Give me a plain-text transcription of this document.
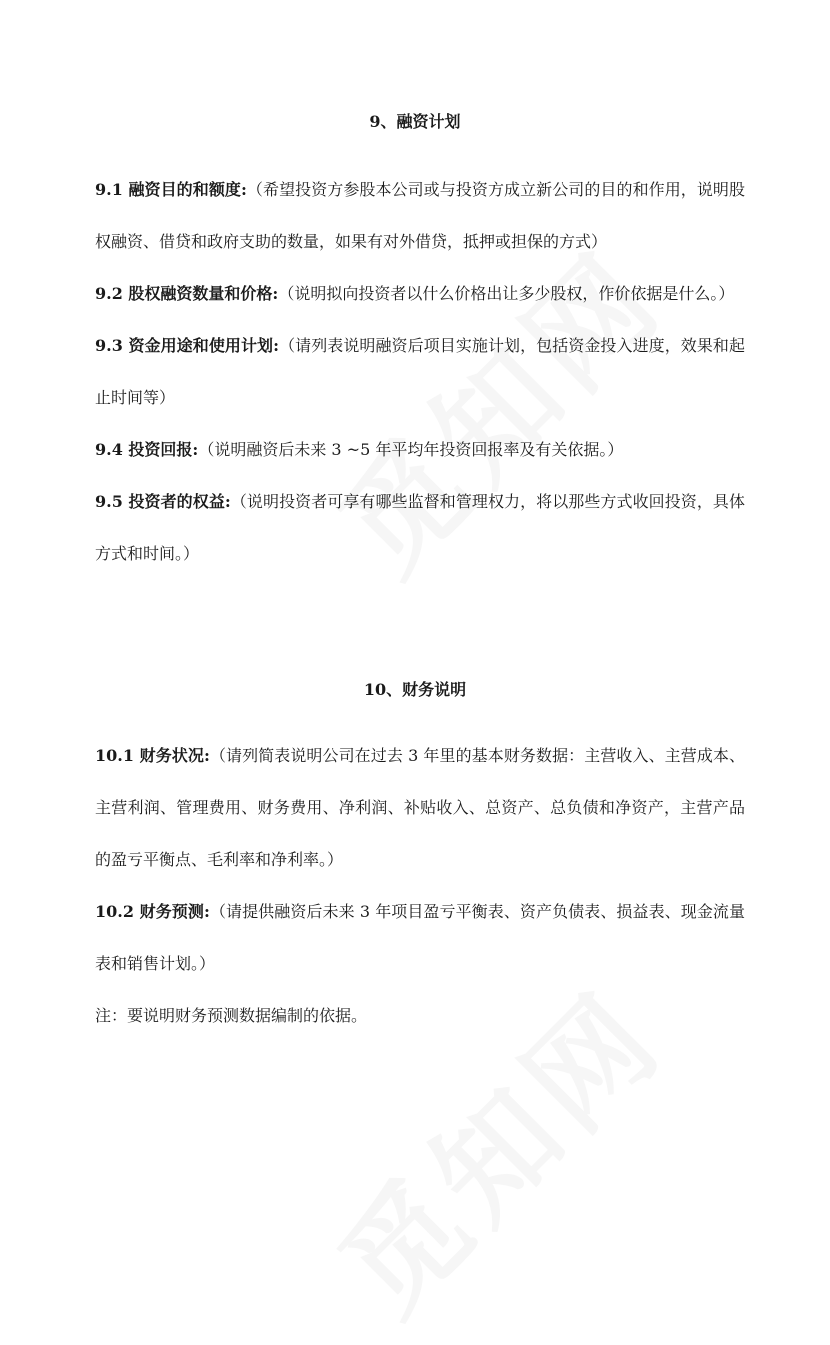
9、融资计划
9.1 融资目的和额度:（希望投资方参股本公司或与投资方成立新公司的目的和作用，说明股权融资、借贷和政府支助的数量，如果有对外借贷，抵押或担保的方式）
9.2 股权融资数量和价格:（说明拟向投资者以什么价格出让多少股权，作价依据是什么。）
9.3 资金用途和使用计划:（请列表说明融资后项目实施计划，包括资金投入进度，效果和起止时间等）
9.4 投资回报:（说明融资后未来 3 ~5 年平均年投资回报率及有关依据。）
9.5 投资者的权益:（说明投资者可享有哪些监督和管理权力，将以那些方式收回投资，具体方式和时间。）
10、财务说明
10.1 财务状况:（请列简表说明公司在过去 3 年里的基本财务数据：主营收入、主营成本、主营利润、管理费用、财务费用、净利润、补贴收入、总资产、总负债和净资产，主营产品的盈亏平衡点、毛利率和净利率。）
10.2 财务预测:（请提供融资后未来 3 年项目盈亏平衡表、资产负债表、损益表、现金流量表和销售计划。）
注：要说明财务预测数据编制的依据。
